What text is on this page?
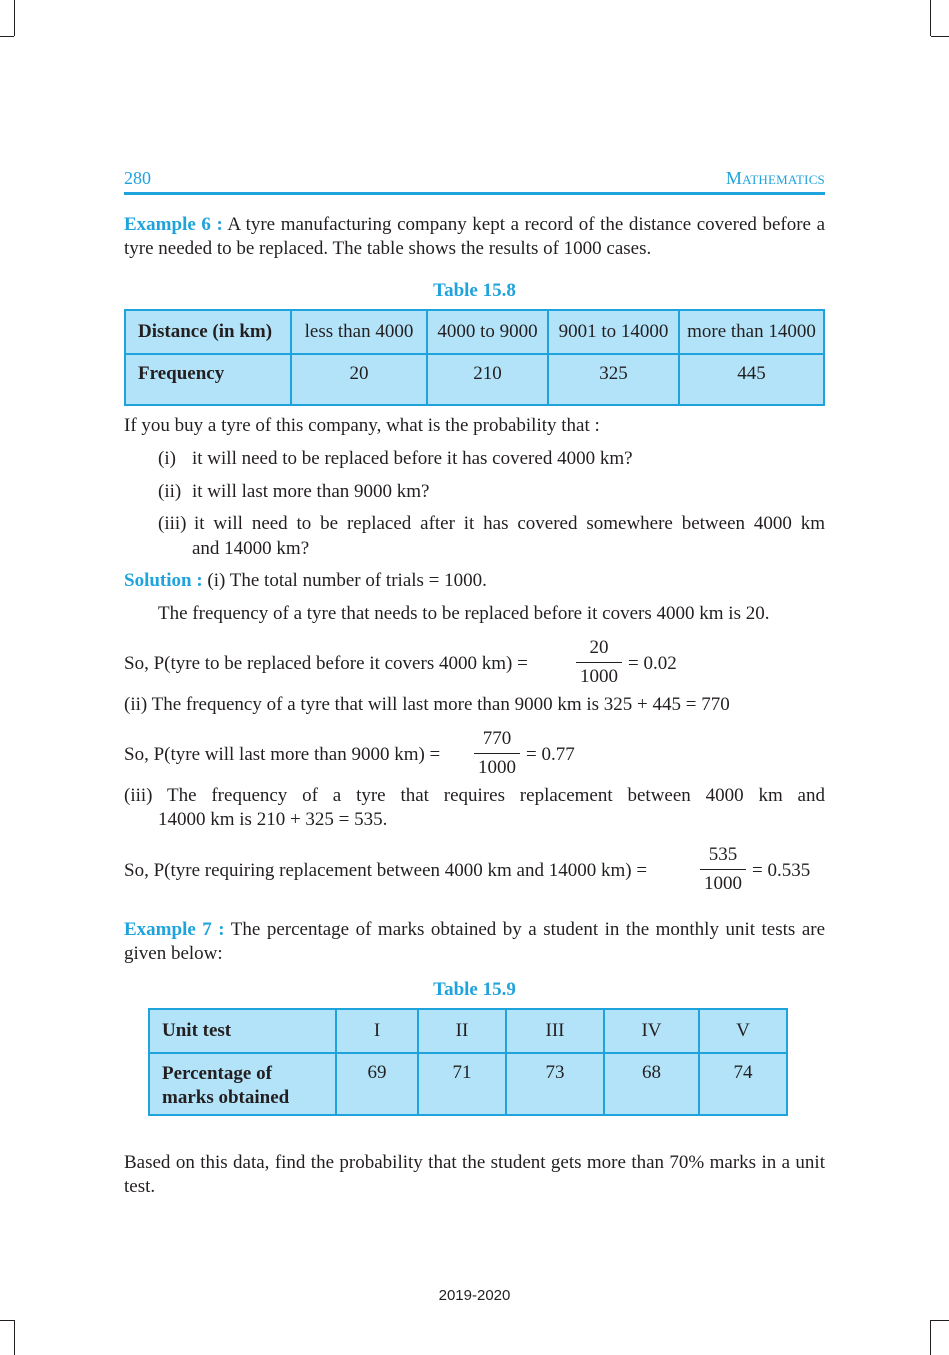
280	Mathematics
Example 6 : A tyre manufacturing company kept a record of the distance covered before a tyre needed to be replaced. The table shows the results of 1000 cases.
Table 15.8
Distance (in km)	less than 4000	4000 to 9000	9001 to 14000	more than 14000
Frequency	20	210	325	445
If you buy a tyre of this company, what is the probability that :
(i) it will need to be replaced before it has covered 4000 km?
(ii) it will last more than 9000 km?
(iii) it will need to be replaced after it has covered somewhere between 4000 km
and 14000 km?
Solution : (i) The total number of trials = 1000.
The frequency of a tyre that needs to be replaced before it covers 4000 km is 20.
So, P(tyre to be replaced before it covers 4000 km) =	$\frac{20}{1000} = 0.02$
(ii) The frequency of a tyre that will last more than 9000 km is 325 + 445 = 770
So, P(tyre will last more than 9000 $km) = \frac{770}{1000} = 0.77$
(iii) The frequency of a tyre that requires replacement between 4000 km and
14000 km is 210 + 325 = 535.
So, P(tyre requiring replacement between 4000 km and 14000 km) =	$\frac{535}{1000} = 0.535$
Example 7 : The percentage of marks obtained by a student in the monthly unit tests are given below:
Table 15.9
Unit test	I	II	III	IV	V
Percentage of
marks obtained	69	71	73	68	74
Based on this data, find the probability that the student gets more than 70% marks in a unit test.
2019-2020
